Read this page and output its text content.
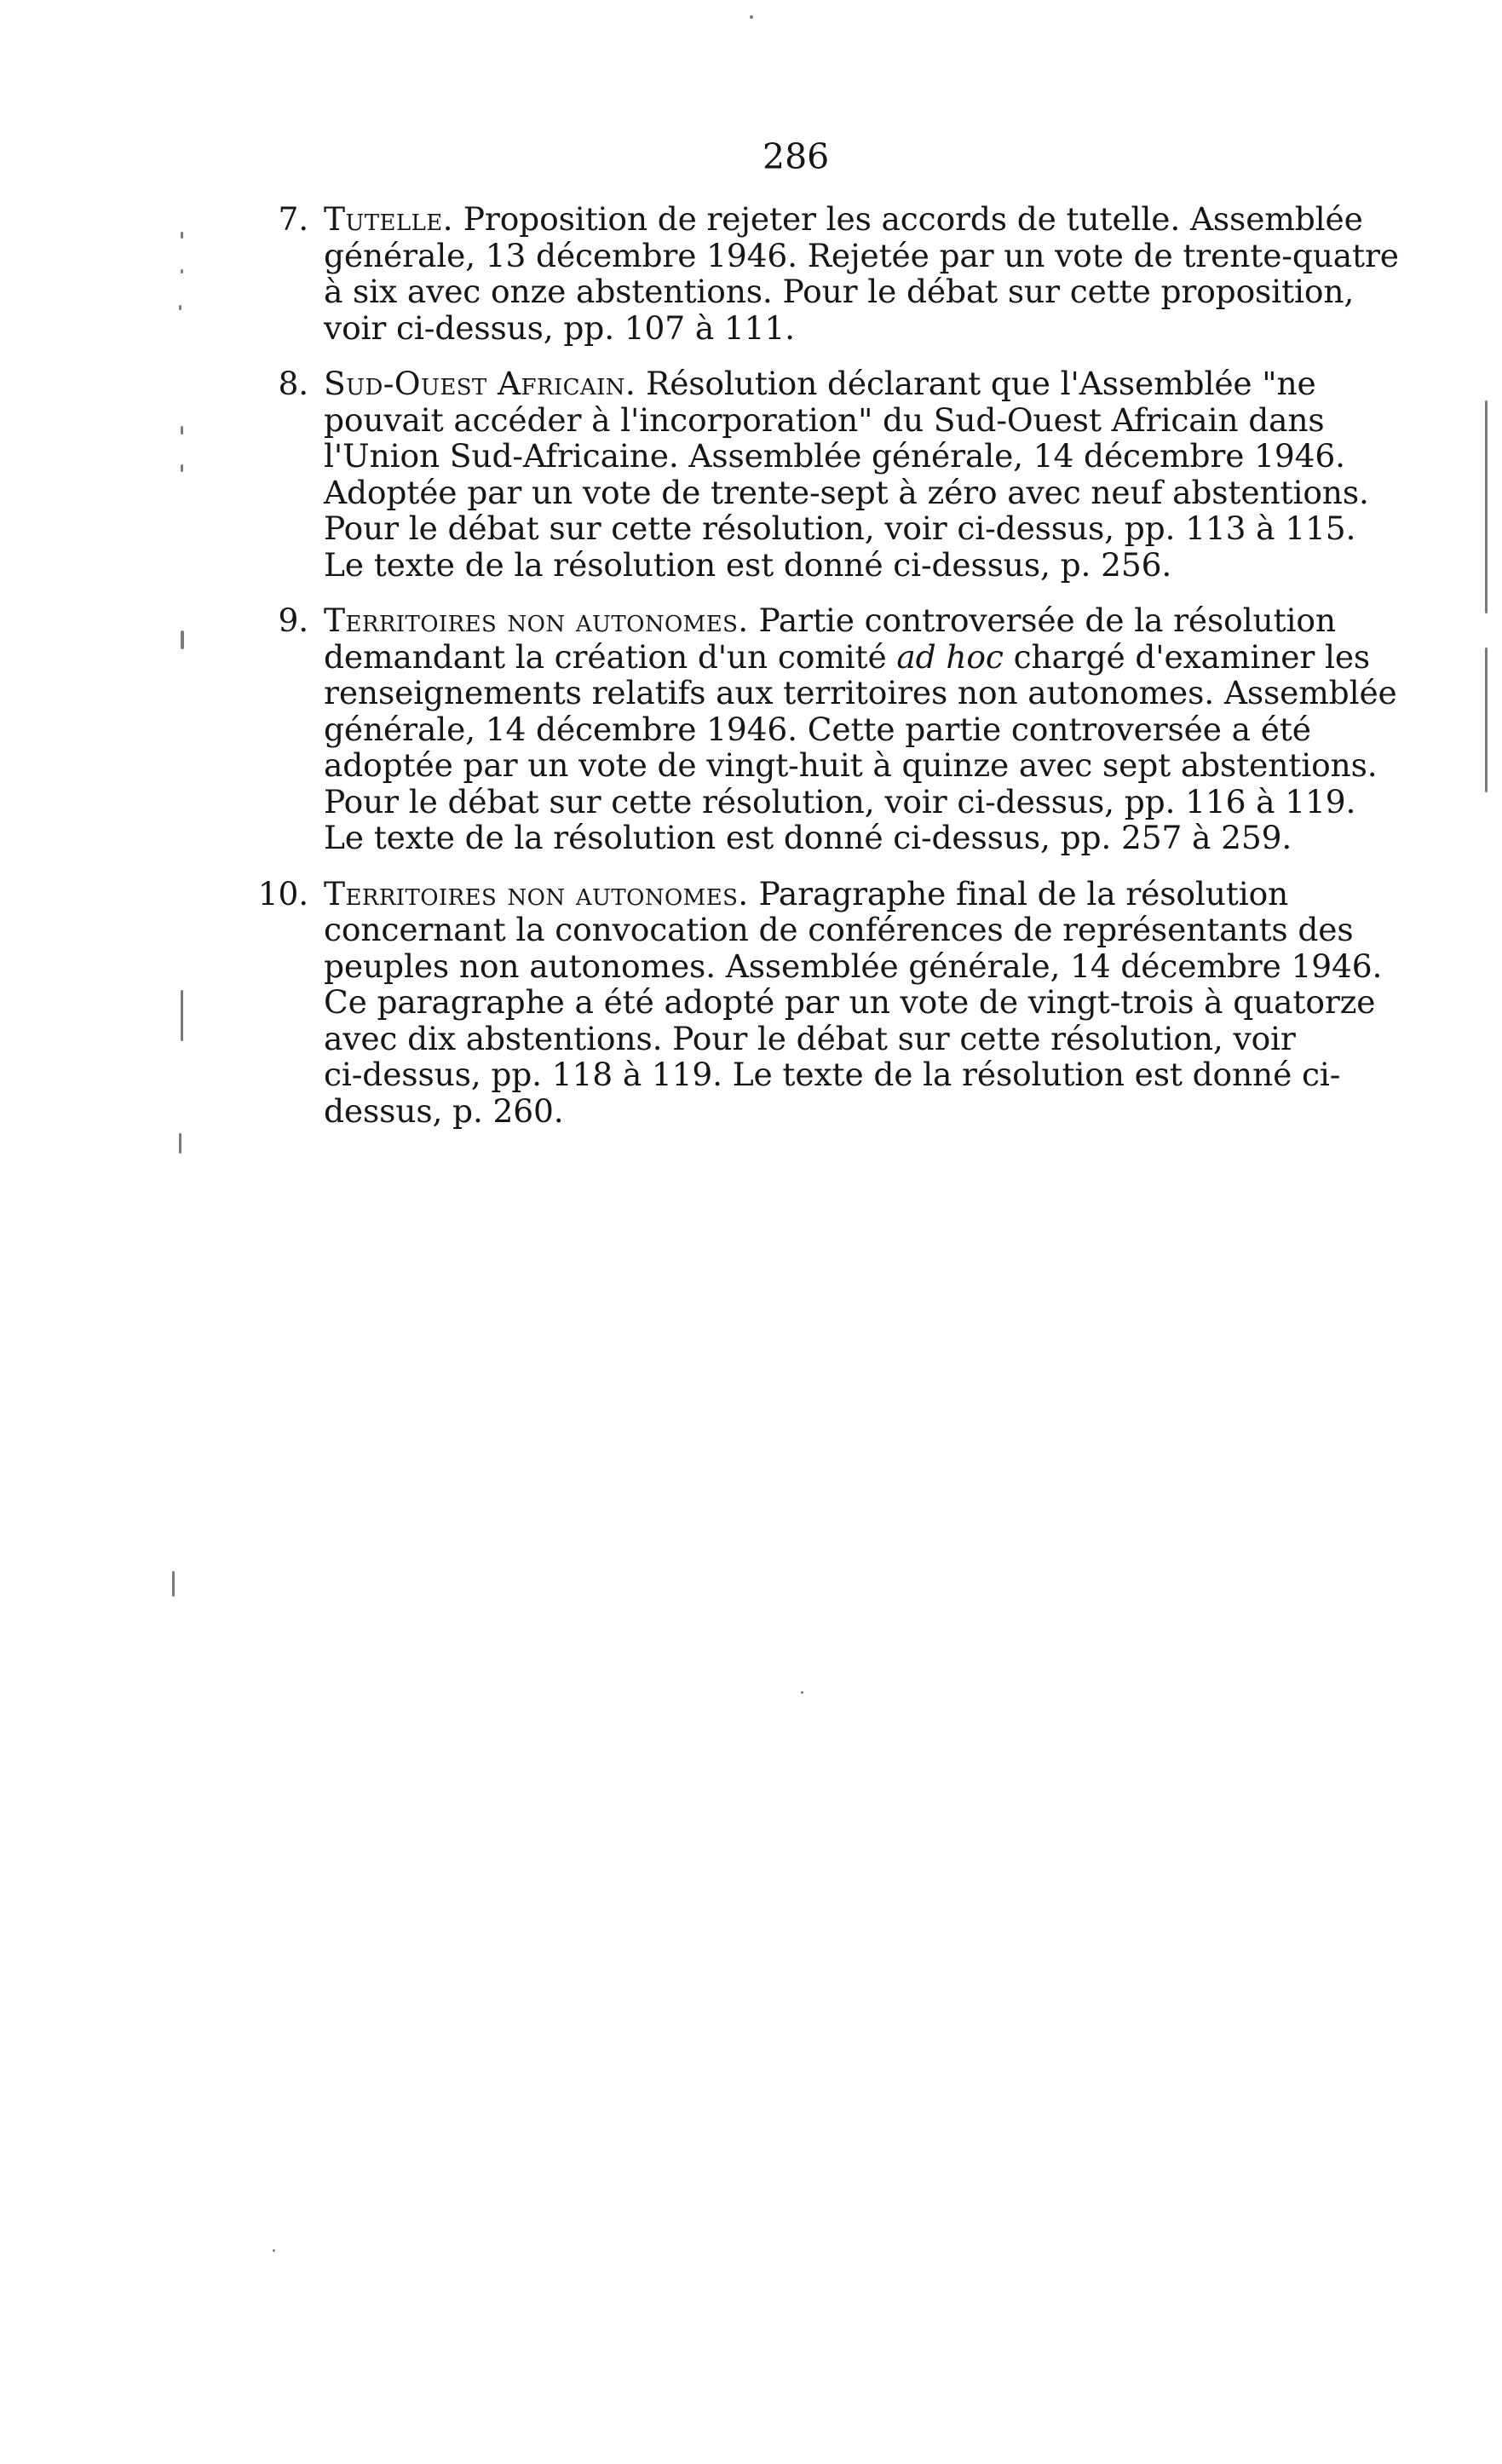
286
7. Tutelle. Proposition de rejeter les accords de tutelle. Assemblée
générale, 13 décembre 1946. Rejetée par un vote de trente-quatre
à six avec onze abstentions. Pour le débat sur cette proposition,
voir ci-dessus, pp. 107 à 111.
8. Sud-Ouest Africain. Résolution déclarant que l'Assemblée "ne
pouvait accéder à l'incorporation" du Sud-Ouest Africain dans
l'Union Sud-Africaine. Assemblée générale, 14 décembre 1946.
Adoptée par un vote de trente-sept à zéro avec neuf abstentions.
Pour le débat sur cette résolution, voir ci-dessus, pp. 113 à 115.
Le texte de la résolution est donné ci-dessus, p. 256.
9. Territoires non autonomes. Partie controversée de la résolution
demandant la création d'un comité ad hoc chargé d'examiner les
renseignements relatifs aux territoires non autonomes. Assemblée
générale, 14 décembre 1946. Cette partie controversée a été
adoptée par un vote de vingt-huit à quinze avec sept abstentions.
Pour le débat sur cette résolution, voir ci-dessus, pp. 116 à 119.
Le texte de la résolution est donné ci-dessus, pp. 257 à 259.
10. Territoires non autonomes. Paragraphe final de la résolution
concernant la convocation de conférences de représentants des
peuples non autonomes. Assemblée générale, 14 décembre 1946.
Ce paragraphe a été adopté par un vote de vingt-trois à quatorze
avec dix abstentions. Pour le débat sur cette résolution, voir
ci-dessus, pp. 118 à 119. Le texte de la résolution est donné ci-
dessus, p. 260.
